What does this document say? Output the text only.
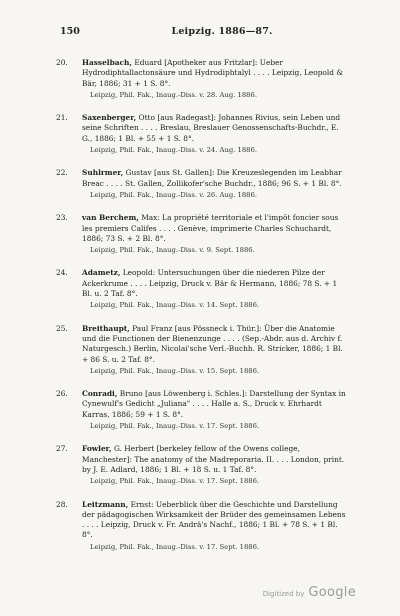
150	Leipzig. 1886—87.
20. Hasselbach, Eduard [Apotheker aus Fritzlar]: Ueber Hydrodiphtallactonsäure und Hydrodiphtalyl . . . . Leipzig, Leopold & Bär, 1886; 31 + 1 S. 8°.
Leipzig, Phil. Fak., Inaug.-Diss. v. 28. Aug. 1886.
21. Saxenberger, Otto [aus Radegast]: Johannes Rivius, sein Leben und seine Schriften . . . . Breslau, Breslauer Genossenschafts-Buchdr., E. G., 1886; 1 Bl. + 55 + 1 S. 8°.
Leipzig, Phil. Fak., Inaug.-Diss. v. 24. Aug. 1886.
22. Suhlrmer, Gustav [aus St. Gallen]: Die Kreuzeslegenden im Leabhar Breac . . . . St. Gallen, Zollikofer'sche Buchdr., 1886; 96 S. + 1 Bl. 8°.
Leipzig, Phil. Fak., Inaug.-Diss. v. 26. Aug. 1886.
23. van Berchem, Max: La propriété territoriale et l'impôt foncier sous les premiers Califes . . . . Genève, imprimerie Charles Schuchardt, 1886; 73 S. + 2 Bl. 8°.
Leipzig, Phil. Fak., Inaug.-Diss. v. 9. Sept. 1886.
24. Adametz, Leopold: Untersuchungen über die niederen Pilze der Ackerkrume . . . . Leipzig, Druck v. Bär & Hermann, 1886; 78 S. + 1 Bl. u. 2 Taf. 8°.
Leipzig, Phil. Fak., Inaug.-Diss. v. 14. Sept. 1886.
25. Breithaupt, Paul Franz [aus Pössneck i. Thür.]: Über die Anatomie und die Functionen der Bienenzunge . . . . (Sep.-Abdr. aus d. Archiv f. Naturgesch.) Berlin, Nicolai'sche Verl.-Buchh. R. Stricker, 1886; 1 Bl. + 86 S. u. 2 Taf. 8°.
Leipzig, Phil. Fak., Inaug.-Diss. v. 15. Sept. 1886.
26. Conradi, Bruno [aus Löwenberg i. Schles.]: Darstellung der Syntax in Cynewulf's Gedicht „Juliana" . . . . Halle a. S., Druck v. Ehrhardt Karras, 1886; 59 + 1 S. 8°.
Leipzig, Phil. Fak., Inaug.-Diss. v. 17. Sept. 1886.
27. Fowler, G. Herbert [berkeley fellow of the Owens college, Manchester]: The anatomy of the Madreporaria. II. . . . London, print. by J. E. Adlard, 1886; 1 Bl. + 18 S. u. 1 Taf. 8°.
Leipzig, Phil. Fak., Inaug.-Diss. v. 17. Sept. 1886.
28. Leitzmann, Ernst: Ueberblick über die Geschichte und Darstellung der pädagogischen Wirksamkeit der Brüder des gemeinsamen Lebens . . . . Leipzig, Druck v. Fr. Andrä's Nachf., 1886; 1 Bl. + 78 S. + 1 Bl. 8°.
Leipzig, Phil. Fak., Inaug.-Diss. v. 17. Sept. 1886.
Digitized by Google
